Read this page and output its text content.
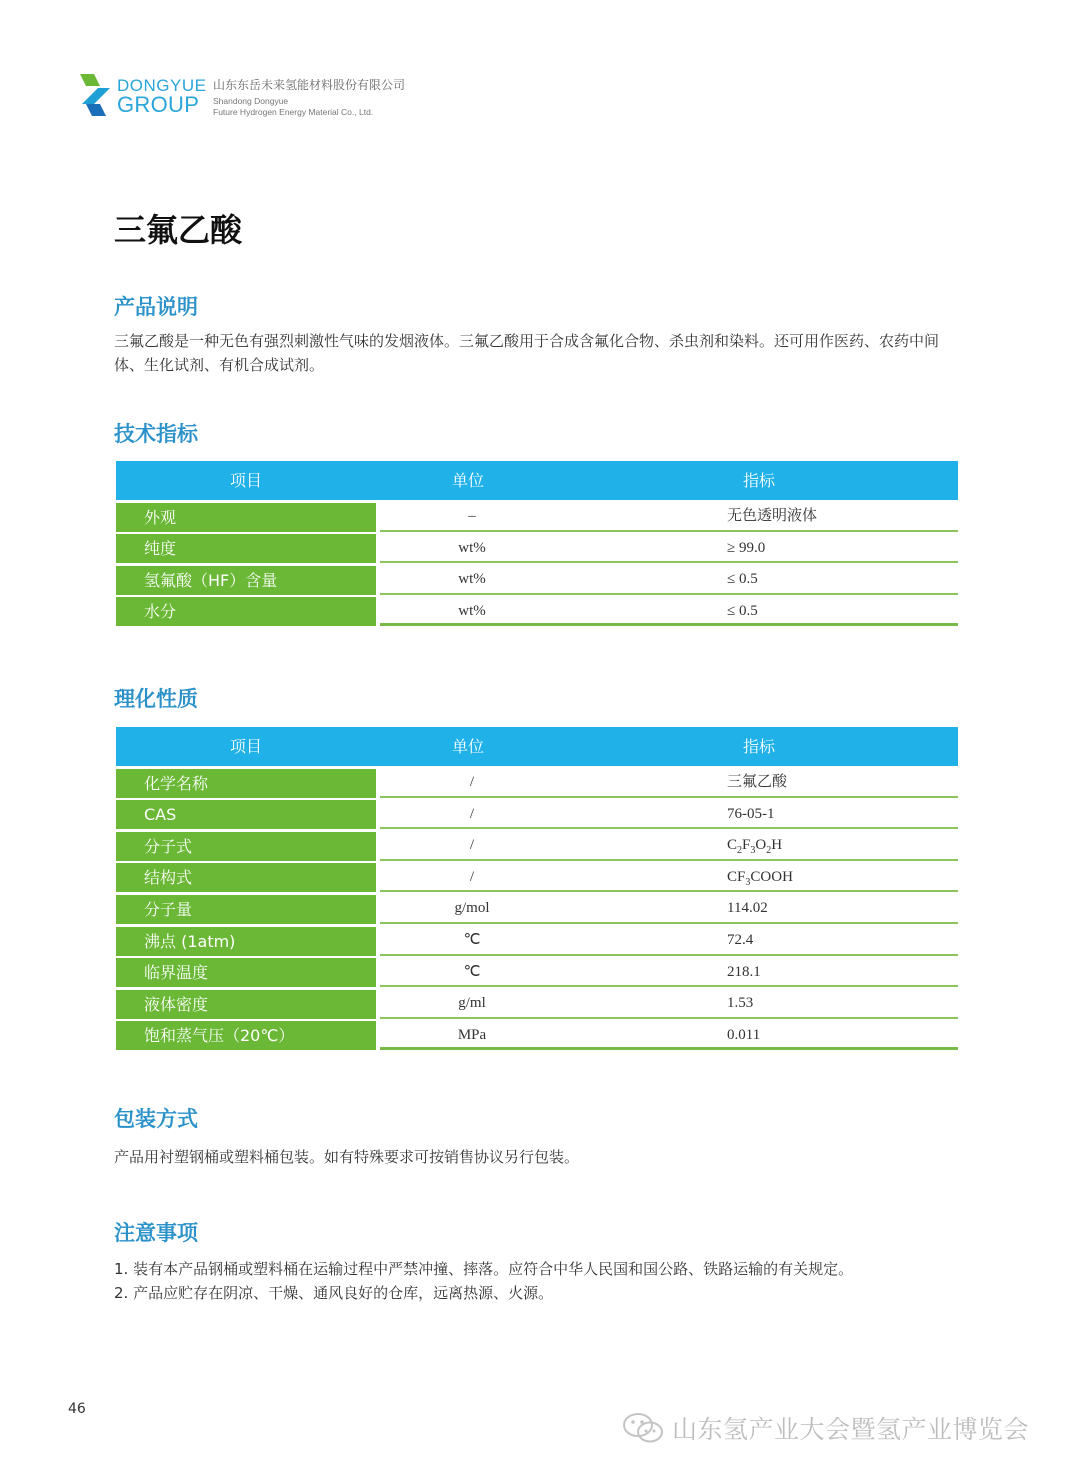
DONGYUE
GROUP
山东东岳未来氢能材料股份有限公司
Shandong Dongyue
Future Hydrogen Energy Material Co., Ltd.
三氟乙酸
产品说明

三氟乙酸是一种无色有强烈刺激性气味的发烟液体。三氟乙酸用于合成含氟化合物、杀虫剂和染料。还可用作医药、农药中间体、生化试剂、有机合成试剂。

技术指标
项目	单位	指标
外观	–	无色透明液体
纯度	wt%	≥ 99.0
氢氟酸（HF）含量	wt%	≤ 0.5
水分	wt%	≤ 0.5
理化性质
项目	单位	指标
化学名称	/	三氟乙酸
CAS	/	76-05-1
分子式	/	$C_2F_3O_2H$
结构式	/	$CF_3COOH$
分子量	g/mol	114.02
沸点 (1atm)	℃	72.4
临界温度	℃	218.1
液体密度	g/ml	1.53
饱和蒸气压（20℃）	MPa	0.011
包装方式

产品用衬塑钢桶或塑料桶包装。如有特殊要求可按销售协议另行包装。

注意事项

1. 装有本产品钢桶或塑料桶在运输过程中严禁冲撞、摔落。应符合中华人民国和国公路、铁路运输的有关规定。

2. 产品应贮存在阴凉、干燥、通风良好的仓库，远离热源、火源。

46
山东氢产业大会暨氢产业博览会
